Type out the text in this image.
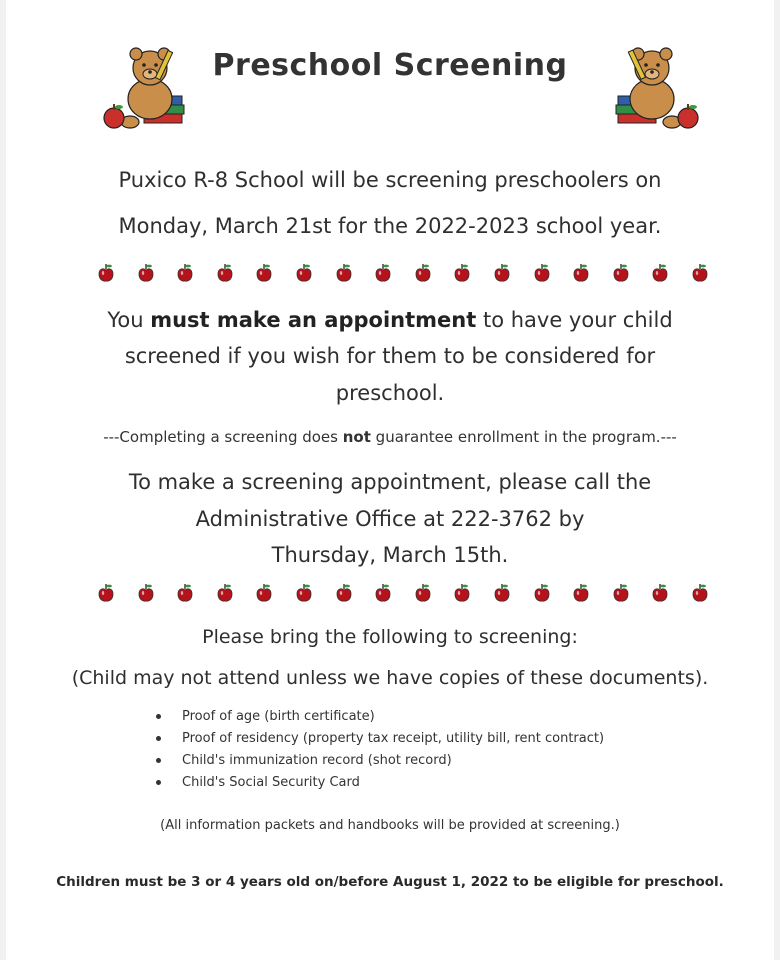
Preschool Screening
Puxico R-8 School will be screening preschoolers on
Monday, March 21st for the 2022-2023 school year.
You must make an appointment to have your child
screened if you wish for them to be considered for
preschool.
---Completing a screening does not guarantee enrollment in the program.---
To make a screening appointment, please call the
Administrative Office at 222-3762 by
Thursday, March 15th.
Please bring the following to screening:
(Child may not attend unless we have copies of these documents).
Proof of age (birth certificate)
Proof of residency (property tax receipt, utility bill, rent contract)
Child's immunization record (shot record)
Child's Social Security Card
(All information packets and handbooks will be provided at screening.)
Children must be 3 or 4 years old on/before August 1, 2022 to be eligible for preschool.
